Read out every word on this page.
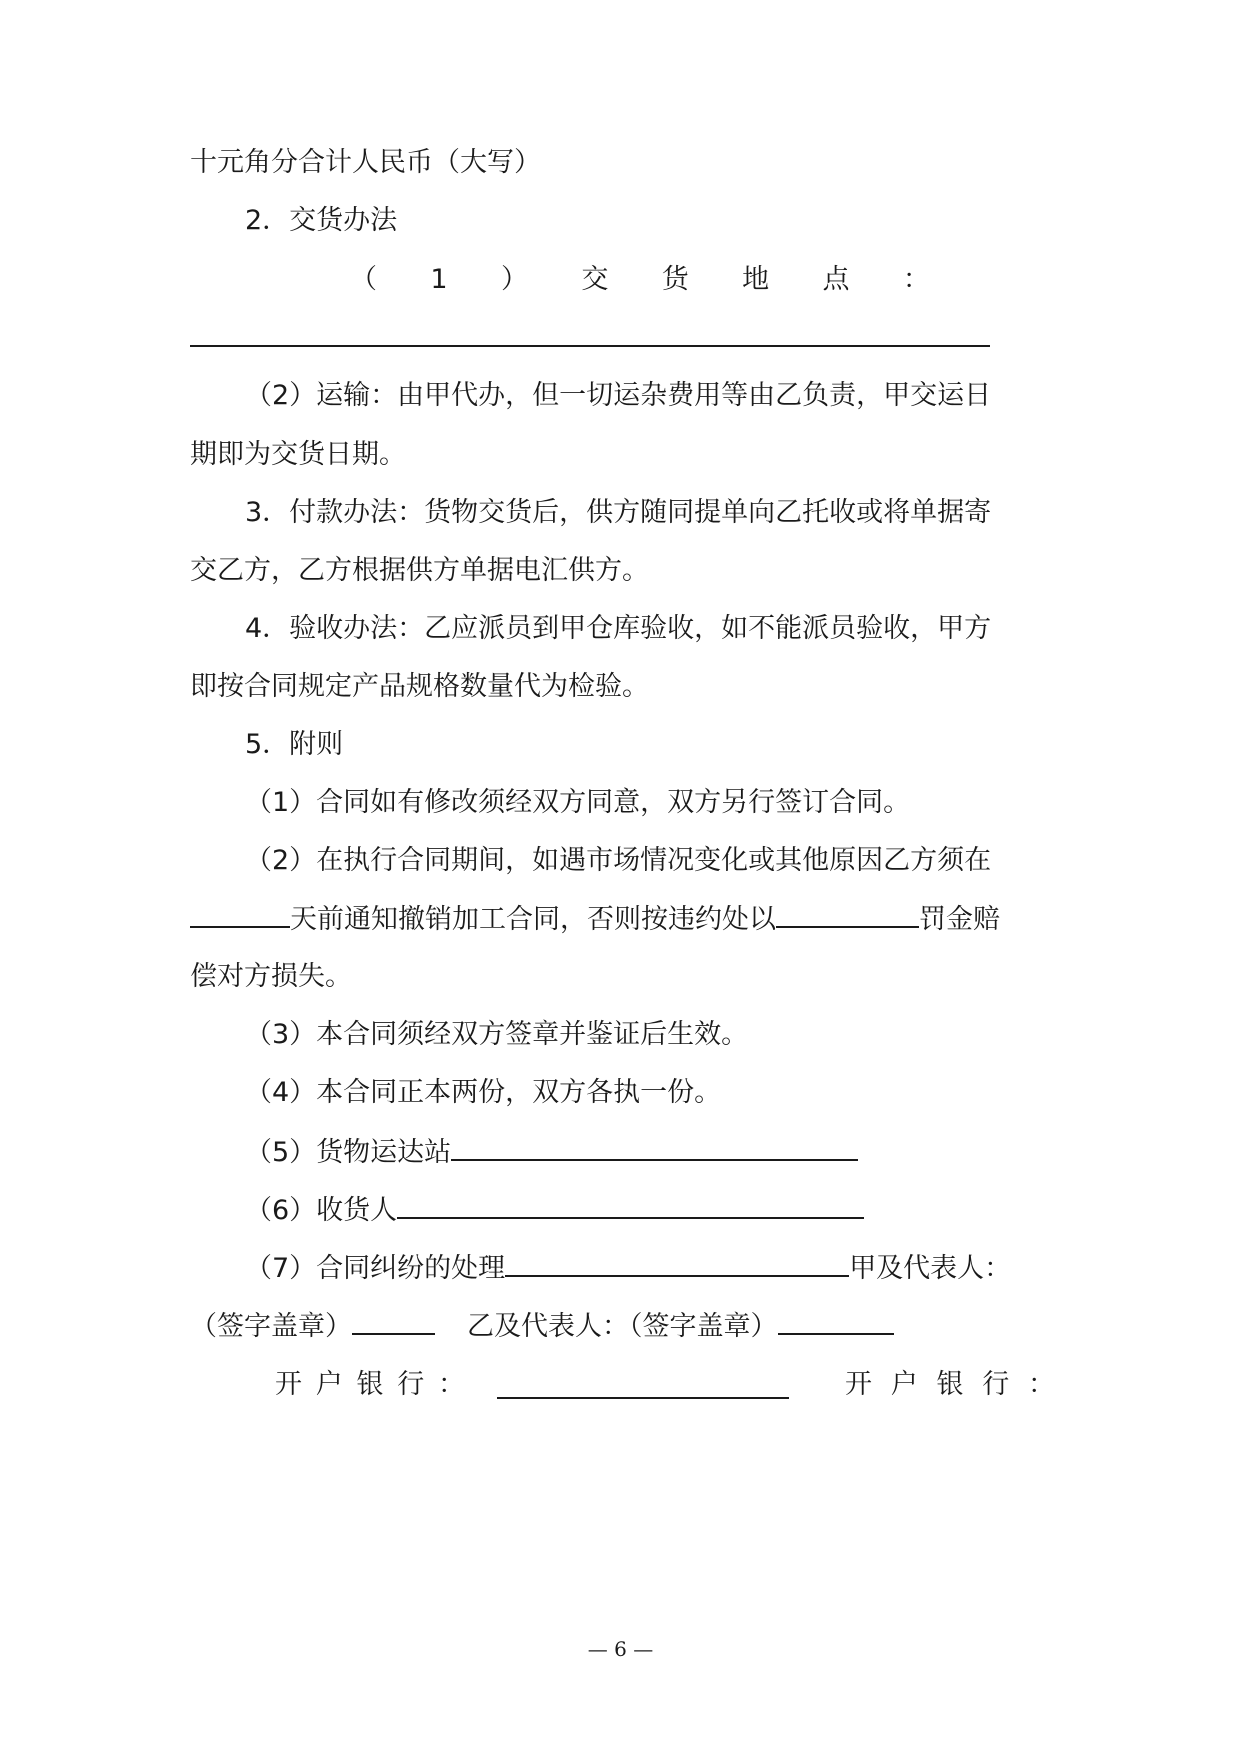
十元角分合计人民币（大写）
2．交货办法
（ 1 ） 交 货 地 点 ：
（2）运输：由甲代办，但一切运杂费用等由乙负责，甲交运日
期即为交货日期。
3．付款办法：货物交货后，供方随同提单向乙托收或将单据寄
交乙方，乙方根据供方单据电汇供方。
4．验收办法：乙应派员到甲仓库验收，如不能派员验收，甲方
即按合同规定产品规格数量代为检验。
5．附则
（1）合同如有修改须经双方同意，双方另行签订合同。
（2）在执行合同期间，如遇市场情况变化或其他原因乙方须在
天前通知撤销加工合同，否则按违约处以	罚金赔
偿对方损失。
（3）本合同须经双方签章并鉴证后生效。
（4）本合同正本两份，双方各执一份。
（5）货物运达站
（6）收货人
（7）合同纠纷的处理	甲及代表人：
（签字盖章）	乙及代表人：（签字盖章）
开 户 银 行 ：	开 户 银 行 ：
— 6 —
